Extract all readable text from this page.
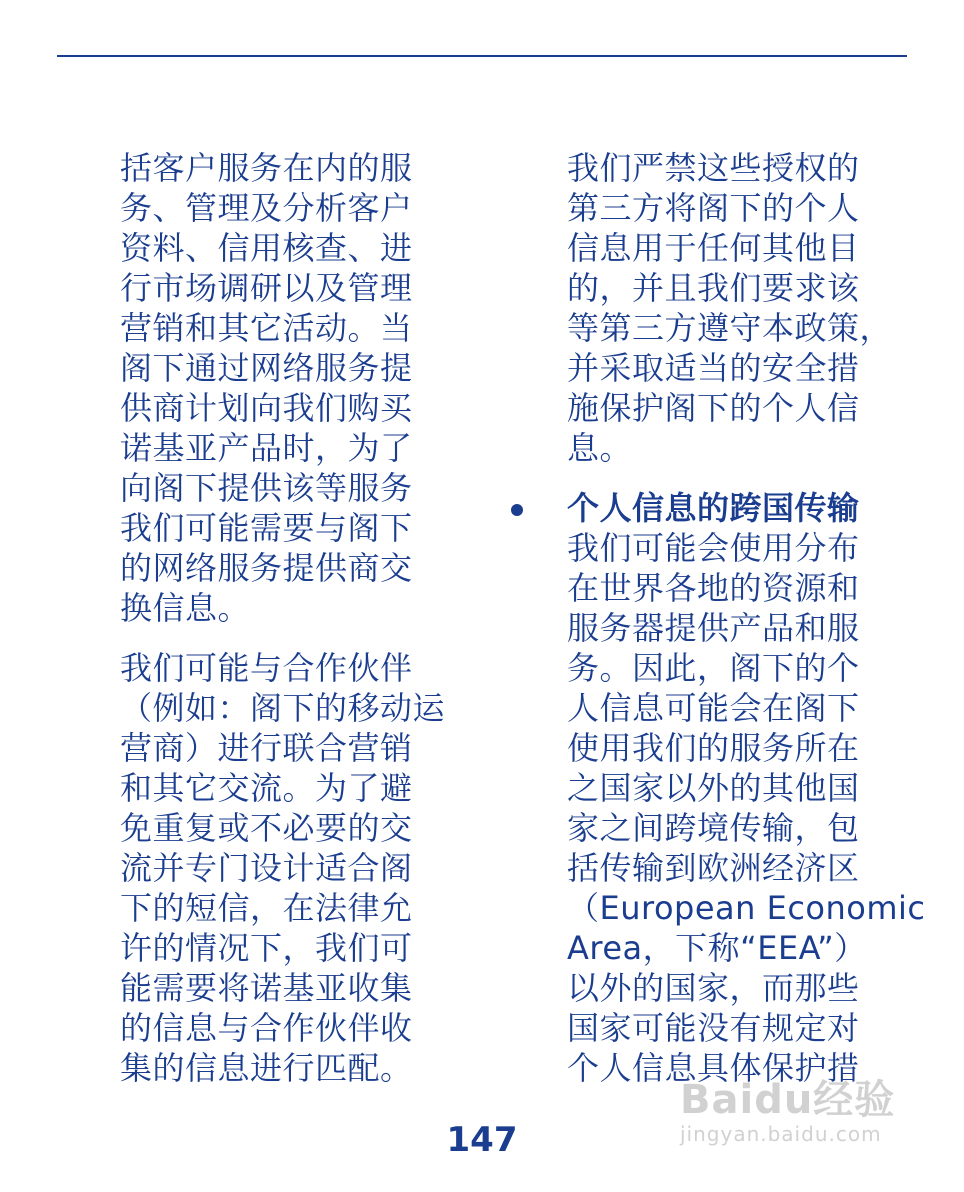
括客户服务在内的服
务、管理及分析客户
资料、信用核查、进
行市场调研以及管理
营销和其它活动。当
阁下通过网络服务提
供商计划向我们购买
诺基亚产品时，为了
向阁下提供该等服务
我们可能需要与阁下
的网络服务提供商交
换信息。
我们可能与合作伙伴
（例如：阁下的移动运
营商）进行联合营销
和其它交流。为了避
免重复或不必要的交
流并专门设计适合阁
下的短信，在法律允
许的情况下，我们可
能需要将诺基亚收集
的信息与合作伙伴收
集的信息进行匹配。
我们严禁这些授权的
第三方将阁下的个人
信息用于任何其他目
的，并且我们要求该
等第三方遵守本政策，
并采取适当的安全措
施保护阁下的个人信
息。
个人信息的跨国传输
我们可能会使用分布
在世界各地的资源和
服务器提供产品和服
务。因此，阁下的个
人信息可能会在阁下
使用我们的服务所在
之国家以外的其他国
家之间跨境传输，包
括传输到欧洲经济区
（European Economic
Area，下称“EEA”）
以外的国家，而那些
国家可能没有规定对
个人信息具体保护措
147
Baidu经验
jingyan.baidu.com
